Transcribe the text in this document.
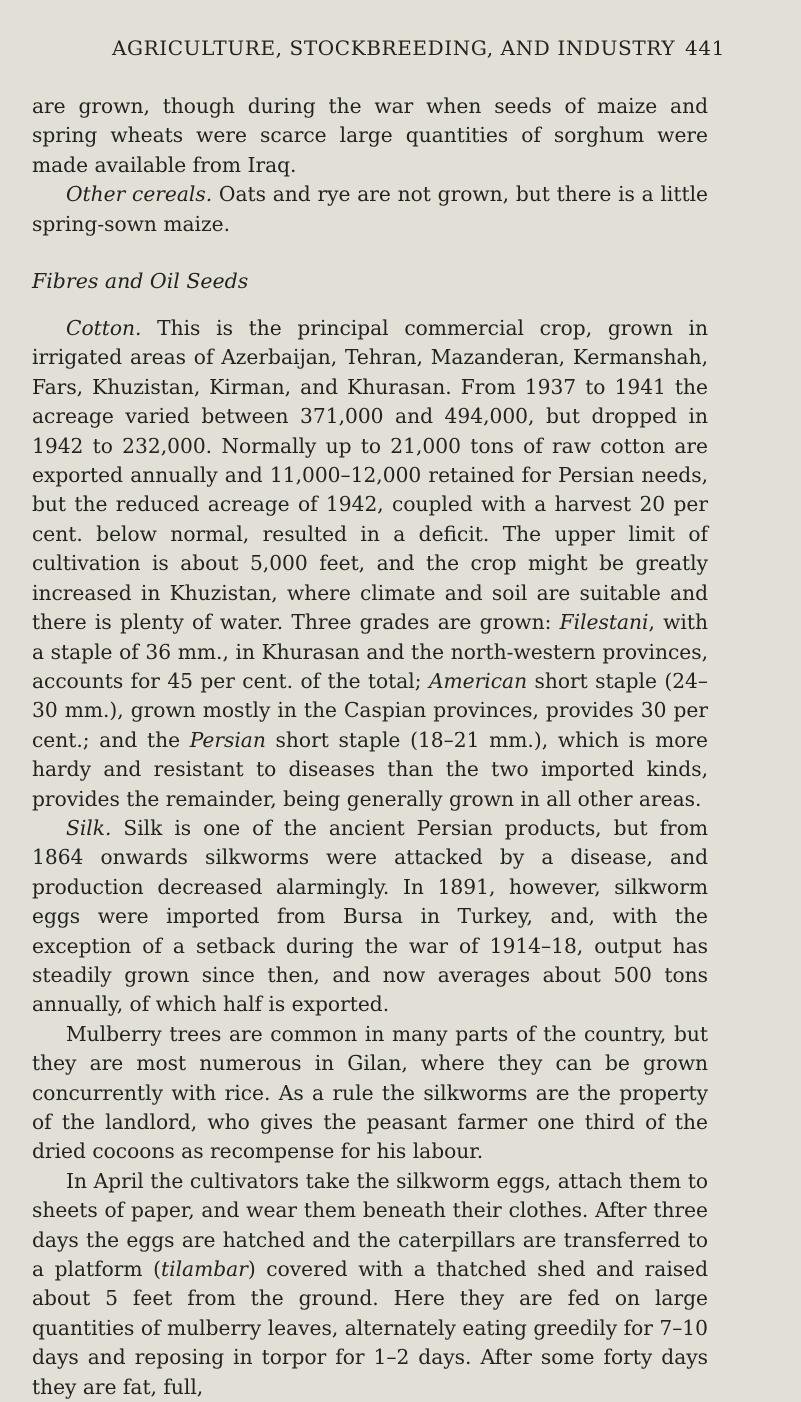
AGRICULTURE, STOCKBREEDING, AND INDUSTRY 441

are grown, though during the war when seeds of maize and spring wheats were scarce large quantities of sorghum were made available from Iraq.

Other cereals. Oats and rye are not grown, but there is a little spring-sown maize.

Fibres and Oil Seeds

Cotton. This is the principal commercial crop, grown in irrigated areas of Azerbaijan, Tehran, Mazanderan, Kermanshah, Fars, Khuzistan, Kirman, and Khurasan. From 1937 to 1941 the acreage varied between 371,000 and 494,000, but dropped in 1942 to 232,000. Normally up to 21,000 tons of raw cotton are exported annually and 11,000–12,000 retained for Persian needs, but the reduced acreage of 1942, coupled with a harvest 20 per cent. below normal, resulted in a deficit. The upper limit of cultivation is about 5,000 feet, and the crop might be greatly increased in Khuzistan, where climate and soil are suitable and there is plenty of water. Three grades are grown: Filestani, with a staple of 36 mm., in Khurasan and the north-western provinces, accounts for 45 per cent. of the total; American short staple (24–30 mm.), grown mostly in the Caspian provinces, provides 30 per cent.; and the Persian short staple (18–21 mm.), which is more hardy and resistant to diseases than the two imported kinds, provides the remainder, being generally grown in all other areas.

Silk. Silk is one of the ancient Persian products, but from 1864 onwards silkworms were attacked by a disease, and production decreased alarmingly. In 1891, however, silkworm eggs were imported from Bursa in Turkey, and, with the exception of a setback during the war of 1914–18, output has steadily grown since then, and now averages about 500 tons annually, of which half is exported.

Mulberry trees are common in many parts of the country, but they are most numerous in Gilan, where they can be grown concurrently with rice. As a rule the silkworms are the property of the landlord, who gives the peasant farmer one third of the dried cocoons as recompense for his labour.

In April the cultivators take the silkworm eggs, attach them to sheets of paper, and wear them beneath their clothes. After three days the eggs are hatched and the caterpillars are transferred to a platform (tilambar) covered with a thatched shed and raised about 5 feet from the ground. Here they are fed on large quantities of mulberry leaves, alternately eating greedily for 7–10 days and reposing in torpor for 1–2 days. After some forty days they are fat, full,
